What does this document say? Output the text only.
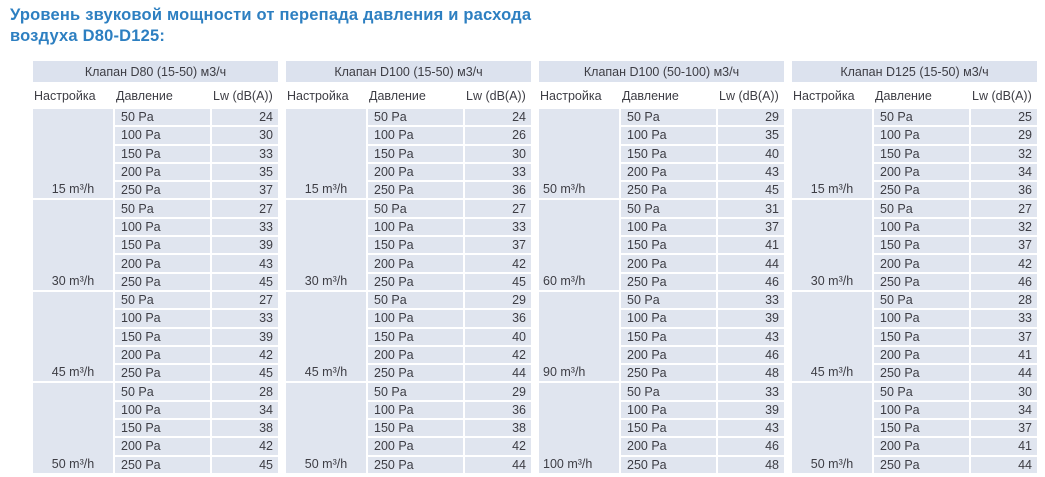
Уровень звуковой мощности от перепада давления и расхода
воздуха D80-D125:
Клапан D80 (15-50) м3/ч
Настройка	Давление	Lw (dB(A))
15 m³/h
50 Pa	24
100 Pa	30
150 Pa	33
200 Pa	35
250 Pa	37
30 m³/h
50 Pa	27
100 Pa	33
150 Pa	39
200 Pa	43
250 Pa	45
45 m³/h
50 Pa	27
100 Pa	33
150 Pa	39
200 Pa	42
250 Pa	45
50 m³/h
50 Pa	28
100 Pa	34
150 Pa	38
200 Pa	42
250 Pa	45
Клапан D100 (15-50) м3/ч
Настройка	Давление	Lw (dB(A))
15 m³/h
50 Pa	24
100 Pa	26
150 Pa	30
200 Pa	33
250 Pa	36
30 m³/h
50 Pa	27
100 Pa	33
150 Pa	37
200 Pa	42
250 Pa	45
45 m³/h
50 Pa	29
100 Pa	36
150 Pa	40
200 Pa	42
250 Pa	44
50 m³/h
50 Pa	29
100 Pa	36
150 Pa	38
200 Pa	42
250 Pa	44
Клапан D100 (50-100) м3/ч
Настройка	Давление	Lw (dB(A))
50 m³/h
50 Pa	29
100 Pa	35
150 Pa	40
200 Pa	43
250 Pa	45
60 m³/h
50 Pa	31
100 Pa	37
150 Pa	41
200 Pa	44
250 Pa	46
90 m³/h
50 Pa	33
100 Pa	39
150 Pa	43
200 Pa	46
250 Pa	48
100 m³/h
50 Pa	33
100 Pa	39
150 Pa	43
200 Pa	46
250 Pa	48
Клапан D125 (15-50) м3/ч
Настройка	Давление	Lw (dB(A))
15 m³/h
50 Pa	25
100 Pa	29
150 Pa	32
200 Pa	34
250 Pa	36
30 m³/h
50 Pa	27
100 Pa	32
150 Pa	37
200 Pa	42
250 Pa	46
45 m³/h
50 Pa	28
100 Pa	33
150 Pa	37
200 Pa	41
250 Pa	44
50 m³/h
50 Pa	30
100 Pa	34
150 Pa	37
200 Pa	41
250 Pa	44
